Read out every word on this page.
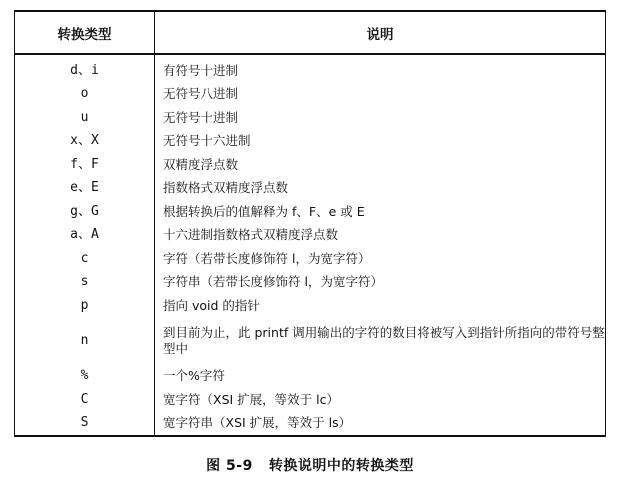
转换类型	说明
d、i	有符号十进制
o	无符号八进制
u	无符号十进制
x、X	无符号十六进制
f、F	双精度浮点数
e、E	指数格式双精度浮点数
g、G	根据转换后的值解释为 f、F、e 或 E
a、A	十六进制指数格式双精度浮点数
c	字符（若带长度修饰符 l，为宽字符）
s	字符串（若带长度修饰符 l，为宽字符）
p	指向 void 的指针
n	到目前为止，此 printf 调用输出的字符的数目将被写入到指针所指向的带符号整型中
%	一个%字符
C	宽字符（XSI 扩展，等效于 lc）
S	宽字符串（XSI 扩展，等效于 ls）
图 5-9 转换说明中的转换类型
